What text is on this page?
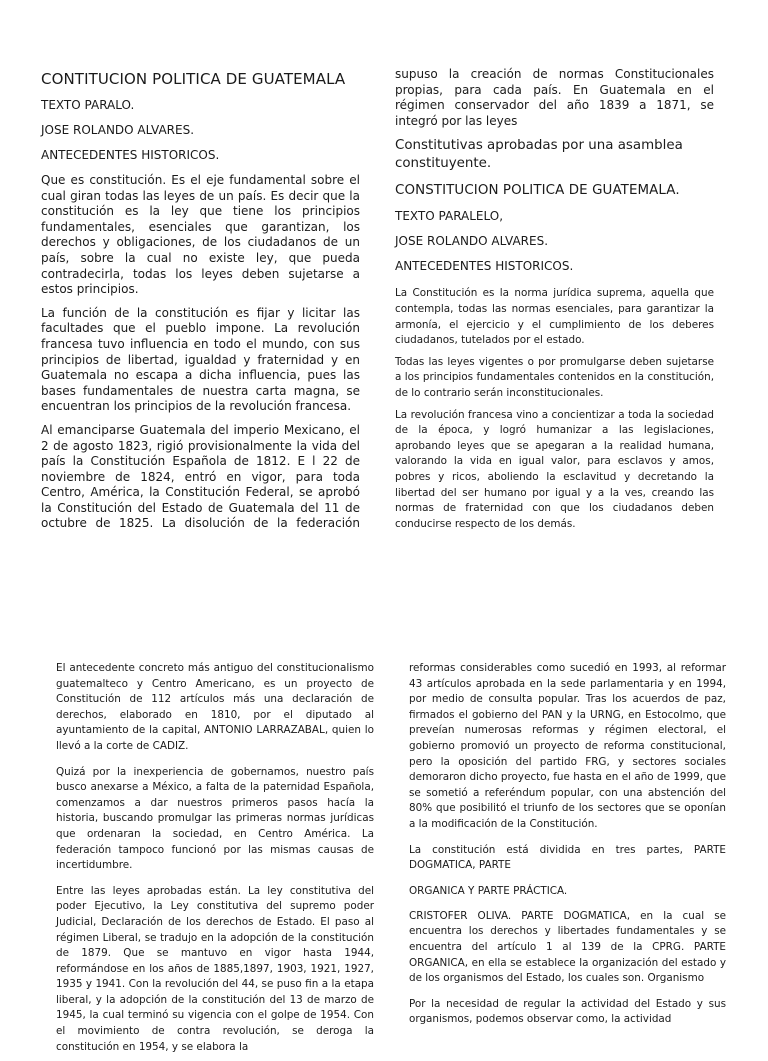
CONTITUCION POLITICA DE GUATEMALA

TEXTO PARALO.

JOSE ROLANDO ALVARES.

ANTECEDENTES HISTORICOS.

Que es constitución. Es el eje fundamental sobre el cual giran todas las leyes de un país. Es decir que la constitución es la ley que tiene los principios fundamentales, esenciales que garantizan, los derechos y obligaciones, de los ciudadanos de un país, sobre la cual no existe ley, que pueda contradecirla, todas los leyes deben sujetarse a estos principios.

La función de la constitución es fijar y licitar las facultades que el pueblo impone. La revolución francesa tuvo influencia en todo el mundo, con sus principios de libertad, igualdad y fraternidad y en Guatemala no escapa a dicha influencia, pues las bases fundamentales de nuestra carta magna, se encuentran los principios de la revolución francesa.

Al emanciparse Guatemala del imperio Mexicano, el 2 de agosto 1823, rigió provisionalmente la vida del país la Constitución Española de 1812. E l 22 de noviembre de 1824, entró en vigor, para toda Centro, América, la Constitución Federal, se aprobó la Constitución del Estado de Guatemala del 11 de octubre de 1825. La disolución de la federación

supuso la creación de normas Constitucionales propias, para cada país. En Guatemala en el régimen conservador del año 1839 a 1871, se integró por las leyes

Constitutivas aprobadas por una asamblea constituyente.

CONSTITUCION POLITICA DE GUATEMALA.

TEXTO PARALELO,

JOSE ROLANDO ALVARES.

ANTECEDENTES HISTORICOS.

La Constitución es la norma jurídica suprema, aquella que contempla, todas las normas esenciales, para garantizar la armonía, el ejercicio y el cumplimiento de los deberes ciudadanos, tutelados por el estado.

Todas las leyes vigentes o por promulgarse deben sujetarse a los principios fundamentales contenidos en la constitución, de lo contrario serán inconstitucionales.

La revolución francesa vino a concientizar a toda la sociedad de la época, y logró humanizar a las legislaciones, aprobando leyes que se apegaran a la realidad humana, valorando la vida en igual valor, para esclavos y amos, pobres y ricos, aboliendo la esclavitud y decretando la libertad del ser humano por igual y a la ves, creando las normas de fraternidad con que los ciudadanos deben conducirse respecto de los demás.

El antecedente concreto más antiguo del constitucionalismo guatemalteco y Centro Americano, es un proyecto de Constitución de 112 artículos más una declaración de derechos, elaborado en 1810, por el diputado al ayuntamiento de la capital, ANTONIO LARRAZABAL, quien lo llevó a la corte de CADIZ.

Quizá por la inexperiencia de gobernamos, nuestro país busco anexarse a México, a falta de la paternidad Española, comenzamos a dar nuestros primeros pasos hacía la historia, buscando promulgar las primeras normas jurídicas que ordenaran la sociedad, en Centro América. La federación tampoco funcionó por las mismas causas de incertidumbre.

Entre las leyes aprobadas están. La ley constitutiva del poder Ejecutivo, la Ley constitutiva del supremo poder Judicial, Declaración de los derechos de Estado. El paso al régimen Liberal, se tradujo en la adopción de la constitución de 1879. Que se mantuvo en vigor hasta 1944, reformándose en los años de 1885,1897, 1903, 1921, 1927, 1935 y 1941. Con la revolución del 44, se puso fin a la etapa liberal, y la adopción de la constitución del 13 de marzo de 1945, la cual terminó su vigencia con el golpe de 1954. Con el movimiento de contra revolución, se deroga la constitución en 1954, y se elabora la

reformas considerables como sucedió en 1993, al reformar 43 artículos aprobada en la sede parlamentaria y en 1994, por medio de consulta popular. Tras los acuerdos de paz, firmados el gobierno del PAN y la URNG, en Estocolmo, que preveían numerosas reformas y régimen electoral, el gobierno promovió un proyecto de reforma constitucional, pero la oposición del partido FRG, y sectores sociales demoraron dicho proyecto, fue hasta en el año de 1999, que se sometió a referéndum popular, con una abstención del 80% que posibilitó el triunfo de los sectores que se oponían a la modificación de la Constitución.

La constitución está dividida en tres partes, PARTE DOGMATICA, PARTE

ORGANICA Y PARTE PRÁCTICA.

CRISTOFER OLIVA. PARTE DOGMATICA, en la cual se encuentra los derechos y libertades fundamentales y se encuentra del artículo 1 al 139 de la CPRG. PARTE ORGANICA, en ella se establece la organización del estado y de los organismos del Estado, los cuales son. Organismo

Por la necesidad de regular la actividad del Estado y sus organismos, podemos observar como, la actividad
